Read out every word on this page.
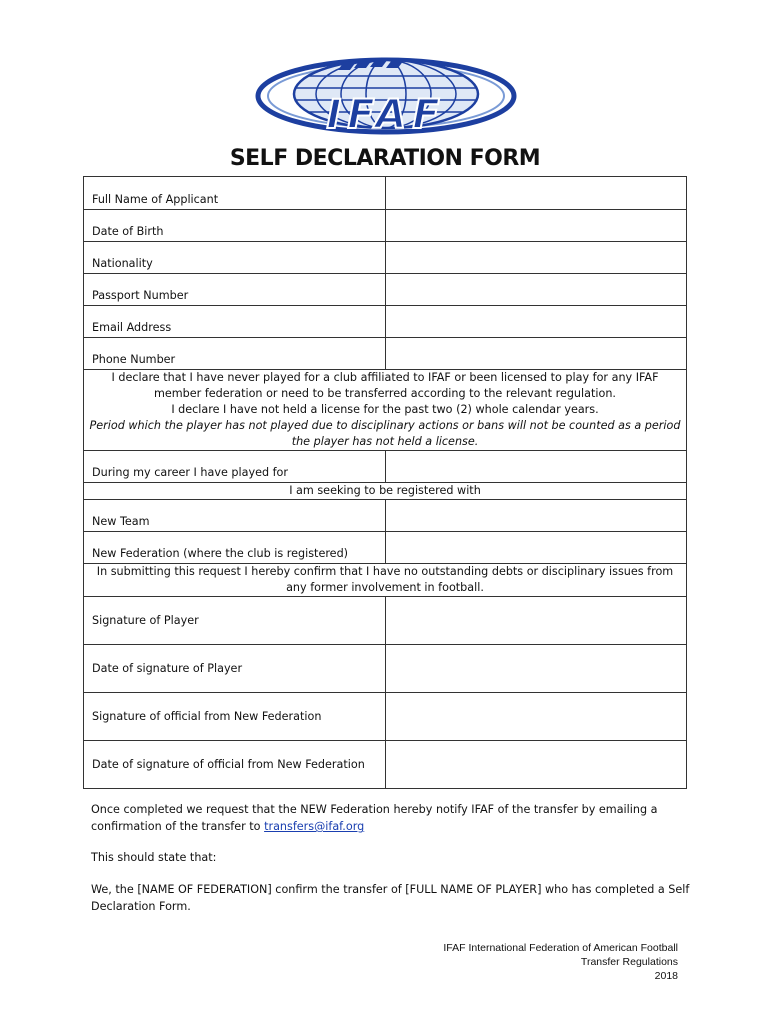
IFAF
SELF DECLARATION FORM
Full Name of Applicant	

Date of Birth	

Nationality	

Passport Number	

Email Address	

Phone Number	

I declare that I have never played for a club affiliated to IFAF or been licensed to play for any IFAF member federation or need to be transferred according to the relevant regulation.
I declare I have not held a license for the past two (2) whole calendar years.
Period which the player has not played due to disciplinary actions or bans will not be counted as a period the player has not held a license.	

During my career I have played for	

I am seeking to be registered with	

New Team	

New Federation (where the club is registered)	

In submitting this request I hereby confirm that I have no outstanding debts or disciplinary issues from any former involvement in football.	

Signature of Player	

Date of signature of Player	

Signature of official from New Federation	

Date of signature of official from New Federation	

Once completed we request that the NEW Federation hereby notify IFAF of the transfer by emailing a confirmation of the transfer to transfers@ifaf.org
This should state that:
We, the [NAME OF FEDERATION] confirm the transfer of [FULL NAME OF PLAYER] who has completed a Self Declaration Form.
IFAF International Federation of American Football
Transfer Regulations
2018
